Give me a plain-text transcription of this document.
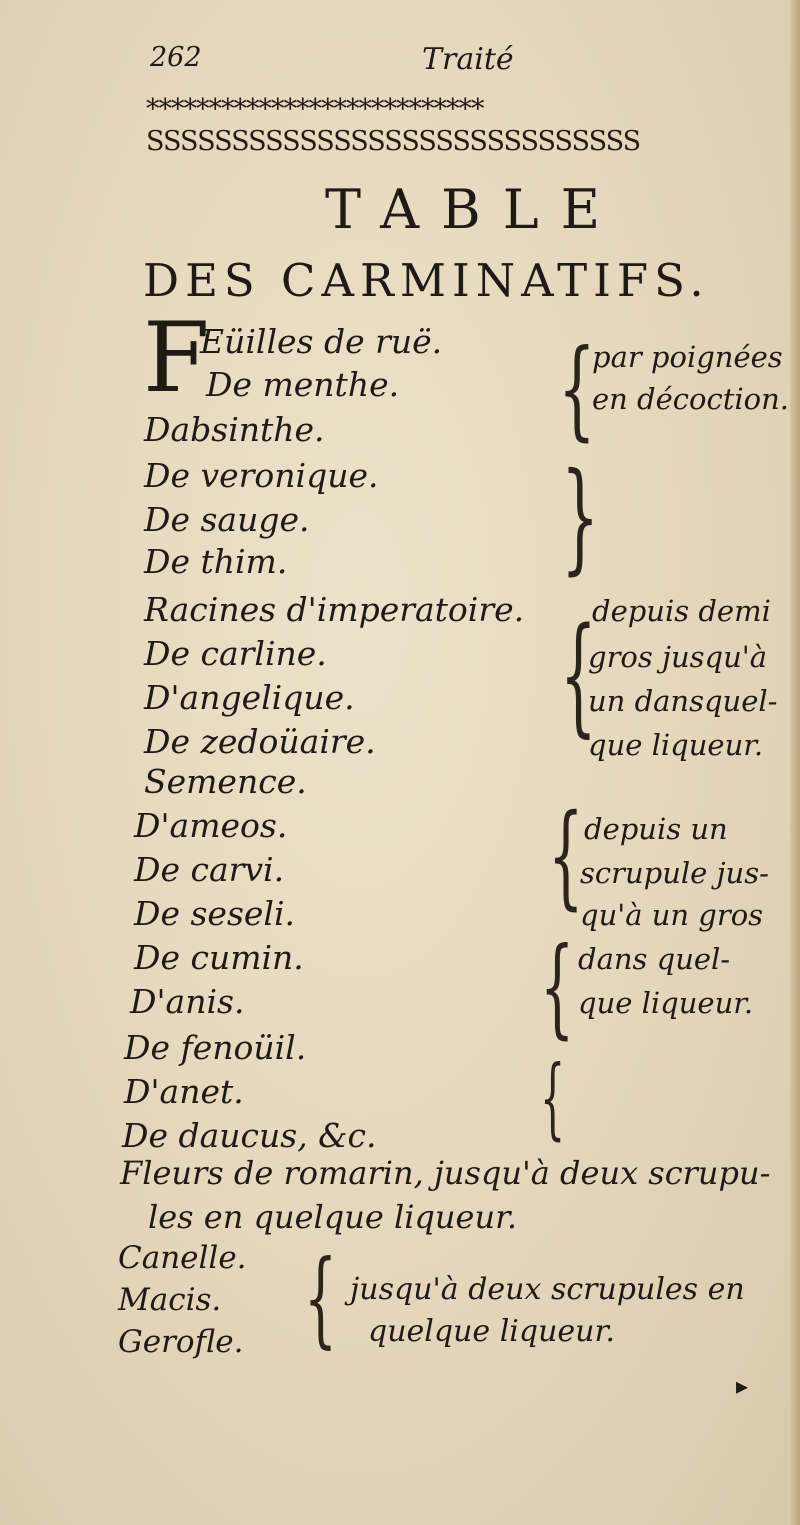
262	Traité
***************************
SSSSSSSSSSSSSSSSSSSSSSSSSSSSS
TABLE
DES CARMINATIFS.
F
Eüilles de ruë.
De menthe.
Dabsinthe.
De veronique.
De sauge.
De thim.
{
}
par poignées
en décoction.
Racines d'imperatoire.
De carline.
D'angelique.
De zedoüaire. {
depuis demi
gros jusqu'à
un dansquel-
que liqueur.
Semence.
D'ameos.
De carvi.
De seseli.
De cumin.
D'anis.
De fenoüil.
D'anet.
De daucus, &c.
{
{
{
depuis un
scrupule jus-
qu'à un gros
dans quel-
que liqueur.
Fleurs de romarin, jusqu'à deux scrupu-
les en quelque liqueur.
Canelle.
Macis.
Gerofle. { jusqu'à deux scrupules en
quelque liqueur.
▸
